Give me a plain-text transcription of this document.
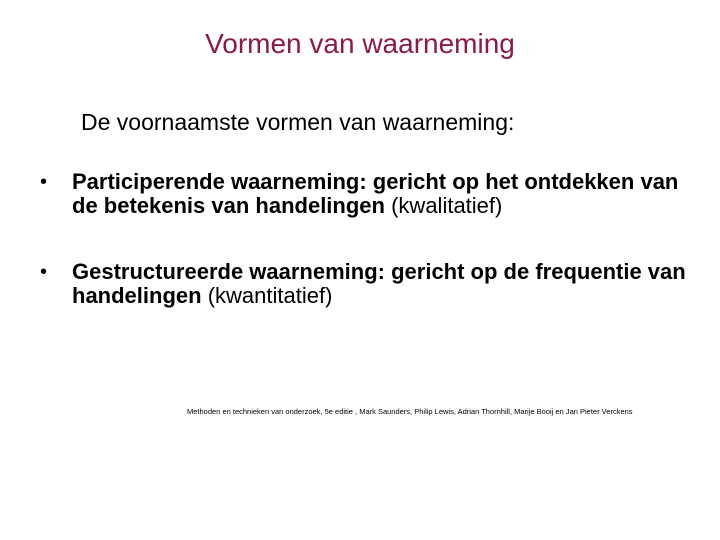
Vormen van waarneming
De voornaamste vormen van waarneming:
• Participerende waarneming: gericht op het ontdekken van de betekenis van handelingen (kwalitatief)
• Gestructureerde waarneming: gericht op de frequentie van handelingen (kwantitatief)
Methoden en technieken van onderzoek, 5e editie , Mark Saunders, Philip Lewis, Adrian Thornhill, Marije Booij en Jan Pieter Verckens
